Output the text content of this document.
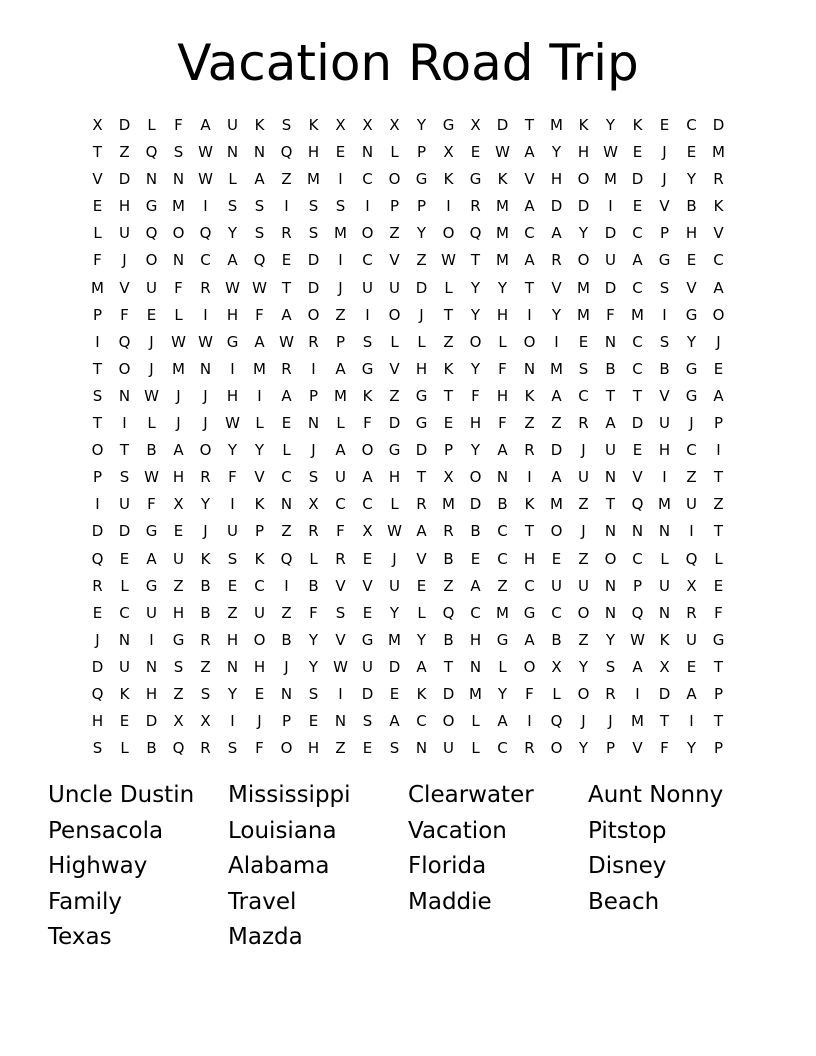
Vacation Road Trip
X	D	L	F	A	U	K	S	K	X	X	X	Y	G	X	D	T	M	K	Y	K	E	C	D
T	Z	Q	S W N	N	Q	H	E	N	L	P	X	E W A	Y	H W E	J	E	M
V	D	N	N W	L	A	Z	M	I	C	O	G	K	G	K	V	H	O M D	J	Y	R
E	H	G M	I	S	S	I	S	S	I	P	P	I	R	M	A	D	D	I	E	V	B	K
L	U	Q	O	Q	Y	S	R	S	M O	Z	Y	O	Q M	C	A	Y	D	C	P	H	V
F	J	O	N	C	A	Q	E	D	I	C	V	Z W T	M	A	R	O	U	A	G	E	C
M	V	U	F	R W W T	D	J	U	U	D	L	Y	Y	T	V	M D	C	S	V	A
P	F	E	L	I	H	F	A	O	Z	I	O	J	T	Y	H	I	Y	M	F	M	I	G	O
I	Q	J	W W G	A W R	P	S	L	L	Z	O	L	O	I	E	N	C	S	Y	J
T	O	J	M N	I	M	R	I	A	G	V	H	K	Y	F	N M	S	B	C	B	G	E
S	N W	J	J	H	I	A	P	M	K	Z	G	T	F	H	K	A	C	T	T	V	G	A
T	I	L	J	J	W	L	E	N	L	F	D	G	E	H	F	Z	Z	R	A	D	U	J	P
O	T	B	A	O	Y	Y	L	J	A	O	G	D	P	Y	A	R	D	J	U	E	H	C	I
P	S W H	R	F	V	C	S	U	A	H	T	X	O	N	I	A	U	N	V	I	Z	T
I	U	F	X	Y	I	K	N	X	C	C	L	R	M D	B	K	M	Z	T	Q M	U	Z
D	D	G	E	J	U	P	Z	R	F	X W A	R	B	C	T	O	J	N	N	N	I	T
Q	E	A	U	K	S	K	Q	L	R	E	J	V	B	E	C	H	E	Z	O	C	L	Q	L
R	L	G	Z	B	E	C	I	B	V	V	U	E	Z	A	Z	C	U	U	N	P	U	X	E
E	C	U	H	B	Z	U	Z	F	S	E	Y	L	Q	C	M G	C	O	N	Q	N	R	F
J	N	I	G	R	H	O	B	Y	V	G M	Y	B	H	G	A	B	Z	Y	W K	U	G
D	U	N	S	Z	N	H	J	Y	W U	D	A	T	N	L	O	X	Y	S	A	X	E	T
Q	K	H	Z	S	Y	E	N	S	I	D	E	K	D M	Y	F	L	O	R	I	D	A	P
H	E	D	X	X	I	J	P	E	N	S	A	C	O	L	A	I	Q	J	J	M	T	I	T
S	L	B	Q	R	S	F	O	H	Z	E	S	N	U	L	C	R	O	Y	P	V	F	Y	P
Uncle Dustin	Mississippi	Clearwater	Aunt Nonny
Pensacola	Louisiana	Vacation	Pitstop
Highway	Alabama	Florida	Disney
Family	Travel	Maddie	Beach
Texas	Mazda
